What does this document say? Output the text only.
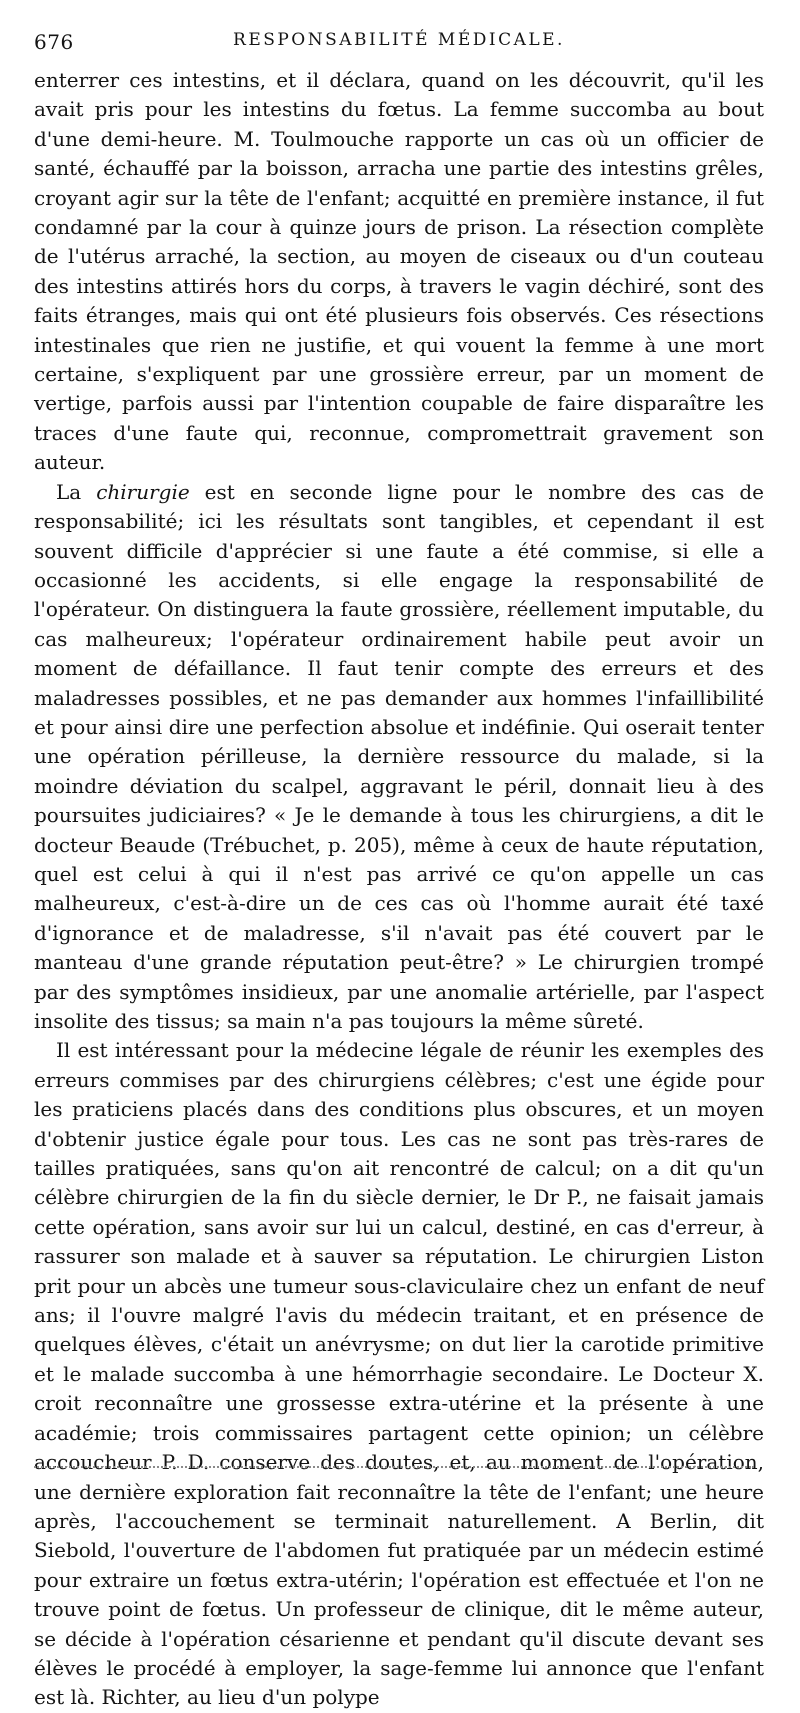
676	RESPONSABILITÉ MÉDICALE.

enterrer ces intestins, et il déclara, quand on les découvrit, qu'il les avait pris pour les intestins du fœtus. La femme succomba au bout d'une demi-heure. M. Toulmouche rapporte un cas où un officier de santé, échauffé par la boisson, arracha une partie des intestins grêles, croyant agir sur la tête de l'enfant; acquitté en première instance, il fut condamné par la cour à quinze jours de prison. La résection complète de l'utérus arraché, la section, au moyen de ciseaux ou d'un couteau des intestins attirés hors du corps, à travers le vagin déchiré, sont des faits étranges, mais qui ont été plusieurs fois observés. Ces résections intestinales que rien ne justifie, et qui vouent la femme à une mort certaine, s'expliquent par une grossière erreur, par un moment de vertige, parfois aussi par l'intention coupable de faire disparaître les traces d'une faute qui, reconnue, compromettrait gravement son auteur.

La chirurgie est en seconde ligne pour le nombre des cas de responsabilité; ici les résultats sont tangibles, et cependant il est souvent difficile d'apprécier si une faute a été commise, si elle a occasionné les accidents, si elle engage la responsabilité de l'opérateur. On distinguera la faute grossière, réellement imputable, du cas malheureux; l'opérateur ordinairement habile peut avoir un moment de défaillance. Il faut tenir compte des erreurs et des maladresses possibles, et ne pas demander aux hommes l'infaillibilité et pour ainsi dire une perfection absolue et indéfinie. Qui oserait tenter une opération périlleuse, la dernière ressource du malade, si la moindre déviation du scalpel, aggravant le péril, donnait lieu à des poursuites judiciaires? « Je le demande à tous les chirurgiens, a dit le docteur Beaude (Trébuchet, p. 205), même à ceux de haute réputation, quel est celui à qui il n'est pas arrivé ce qu'on appelle un cas malheureux, c'est-à-dire un de ces cas où l'homme aurait été taxé d'ignorance et de maladresse, s'il n'avait pas été couvert par le manteau d'une grande réputation peut-être? » Le chirurgien trompé par des symptômes insidieux, par une anomalie artérielle, par l'aspect insolite des tissus; sa main n'a pas toujours la même sûreté.

Il est intéressant pour la médecine légale de réunir les exemples des erreurs commises par des chirurgiens célèbres; c'est une égide pour les praticiens placés dans des conditions plus obscures, et un moyen d'obtenir justice égale pour tous. Les cas ne sont pas très-rares de tailles pratiquées, sans qu'on ait rencontré de calcul; on a dit qu'un célèbre chirurgien de la fin du siècle dernier, le Dr P., ne faisait jamais cette opération, sans avoir sur lui un calcul, destiné, en cas d'erreur, à rassurer son malade et à sauver sa réputation. Le chirurgien Liston prit pour un abcès une tumeur sous-claviculaire chez un enfant de neuf ans; il l'ouvre malgré l'avis du médecin traitant, et en présence de quelques élèves, c'était un anévrysme; on dut lier la carotide primitive et le malade succomba à une hémorrhagie secondaire. Le Docteur X. croit reconnaître une grossesse extra-utérine et la présente à une académie; trois commissaires partagent cette opinion; un célèbre accoucheur P. D. conserve des doutes, et, au moment de l'opération, une dernière exploration fait reconnaître la tête de l'enfant; une heure après, l'accouchement se terminait naturellement. A Berlin, dit Siebold, l'ouverture de l'abdomen fut pratiquée par un médecin estimé pour extraire un fœtus extra-utérin; l'opération est effectuée et l'on ne trouve point de fœtus. Un professeur de clinique, dit le même auteur, se décide à l'opération césarienne et pendant qu'il discute devant ses élèves le procédé à employer, la sage-femme lui annonce que l'enfant est là. Richter, au lieu d'un polype
